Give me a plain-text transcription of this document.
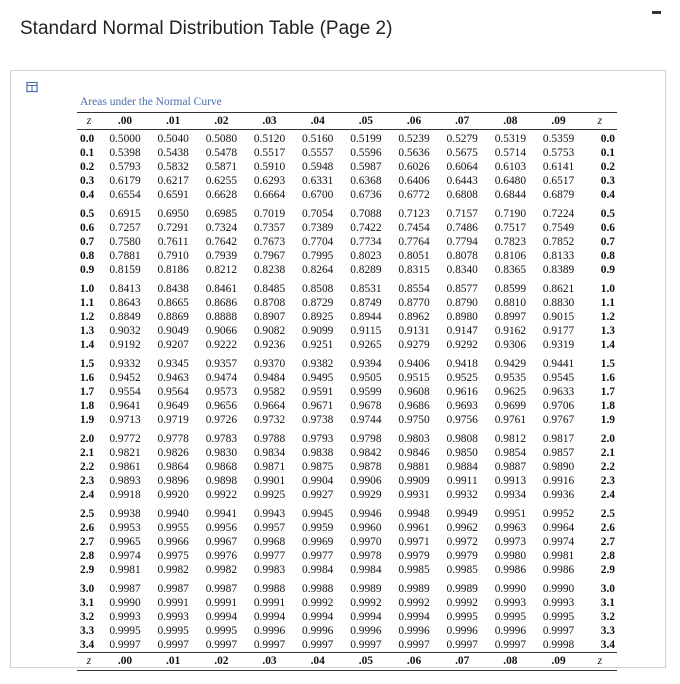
Standard Normal Distribution Table (Page 2)
Areas under the Normal Curve
z	.00	.01	.02	.03	.04	.05	.06	.07	.08	.09	z
0.0	0.5000	0.5040	0.5080	0.5120	0.5160	0.5199	0.5239	0.5279	0.5319	0.5359	0.0
0.1	0.5398	0.5438	0.5478	0.5517	0.5557	0.5596	0.5636	0.5675	0.5714	0.5753	0.1
0.2	0.5793	0.5832	0.5871	0.5910	0.5948	0.5987	0.6026	0.6064	0.6103	0.6141	0.2
0.3	0.6179	0.6217	0.6255	0.6293	0.6331	0.6368	0.6406	0.6443	0.6480	0.6517	0.3
0.4	0.6554	0.6591	0.6628	0.6664	0.6700	0.6736	0.6772	0.6808	0.6844	0.6879	0.4
0.5	0.6915	0.6950	0.6985	0.7019	0.7054	0.7088	0.7123	0.7157	0.7190	0.7224	0.5
0.6	0.7257	0.7291	0.7324	0.7357	0.7389	0.7422	0.7454	0.7486	0.7517	0.7549	0.6
0.7	0.7580	0.7611	0.7642	0.7673	0.7704	0.7734	0.7764	0.7794	0.7823	0.7852	0.7
0.8	0.7881	0.7910	0.7939	0.7967	0.7995	0.8023	0.8051	0.8078	0.8106	0.8133	0.8
0.9	0.8159	0.8186	0.8212	0.8238	0.8264	0.8289	0.8315	0.8340	0.8365	0.8389	0.9
1.0	0.8413	0.8438	0.8461	0.8485	0.8508	0.8531	0.8554	0.8577	0.8599	0.8621	1.0
1.1	0.8643	0.8665	0.8686	0.8708	0.8729	0.8749	0.8770	0.8790	0.8810	0.8830	1.1
1.2	0.8849	0.8869	0.8888	0.8907	0.8925	0.8944	0.8962	0.8980	0.8997	0.9015	1.2
1.3	0.9032	0.9049	0.9066	0.9082	0.9099	0.9115	0.9131	0.9147	0.9162	0.9177	1.3
1.4	0.9192	0.9207	0.9222	0.9236	0.9251	0.9265	0.9279	0.9292	0.9306	0.9319	1.4
1.5	0.9332	0.9345	0.9357	0.9370	0.9382	0.9394	0.9406	0.9418	0.9429	0.9441	1.5
1.6	0.9452	0.9463	0.9474	0.9484	0.9495	0.9505	0.9515	0.9525	0.9535	0.9545	1.6
1.7	0.9554	0.9564	0.9573	0.9582	0.9591	0.9599	0.9608	0.9616	0.9625	0.9633	1.7
1.8	0.9641	0.9649	0.9656	0.9664	0.9671	0.9678	0.9686	0.9693	0.9699	0.9706	1.8
1.9	0.9713	0.9719	0.9726	0.9732	0.9738	0.9744	0.9750	0.9756	0.9761	0.9767	1.9
2.0	0.9772	0.9778	0.9783	0.9788	0.9793	0.9798	0.9803	0.9808	0.9812	0.9817	2.0
2.1	0.9821	0.9826	0.9830	0.9834	0.9838	0.9842	0.9846	0.9850	0.9854	0.9857	2.1
2.2	0.9861	0.9864	0.9868	0.9871	0.9875	0.9878	0.9881	0.9884	0.9887	0.9890	2.2
2.3	0.9893	0.9896	0.9898	0.9901	0.9904	0.9906	0.9909	0.9911	0.9913	0.9916	2.3
2.4	0.9918	0.9920	0.9922	0.9925	0.9927	0.9929	0.9931	0.9932	0.9934	0.9936	2.4
2.5	0.9938	0.9940	0.9941	0.9943	0.9945	0.9946	0.9948	0.9949	0.9951	0.9952	2.5
2.6	0.9953	0.9955	0.9956	0.9957	0.9959	0.9960	0.9961	0.9962	0.9963	0.9964	2.6
2.7	0.9965	0.9966	0.9967	0.9968	0.9969	0.9970	0.9971	0.9972	0.9973	0.9974	2.7
2.8	0.9974	0.9975	0.9976	0.9977	0.9977	0.9978	0.9979	0.9979	0.9980	0.9981	2.8
2.9	0.9981	0.9982	0.9982	0.9983	0.9984	0.9984	0.9985	0.9985	0.9986	0.9986	2.9
3.0	0.9987	0.9987	0.9987	0.9988	0.9988	0.9989	0.9989	0.9989	0.9990	0.9990	3.0
3.1	0.9990	0.9991	0.9991	0.9991	0.9992	0.9992	0.9992	0.9992	0.9993	0.9993	3.1
3.2	0.9993	0.9993	0.9994	0.9994	0.9994	0.9994	0.9994	0.9995	0.9995	0.9995	3.2
3.3	0.9995	0.9995	0.9995	0.9996	0.9996	0.9996	0.9996	0.9996	0.9996	0.9997	3.3
3.4	0.9997	0.9997	0.9997	0.9997	0.9997	0.9997	0.9997	0.9997	0.9997	0.9998	3.4
z	.00	.01	.02	.03	.04	.05	.06	.07	.08	.09	z
